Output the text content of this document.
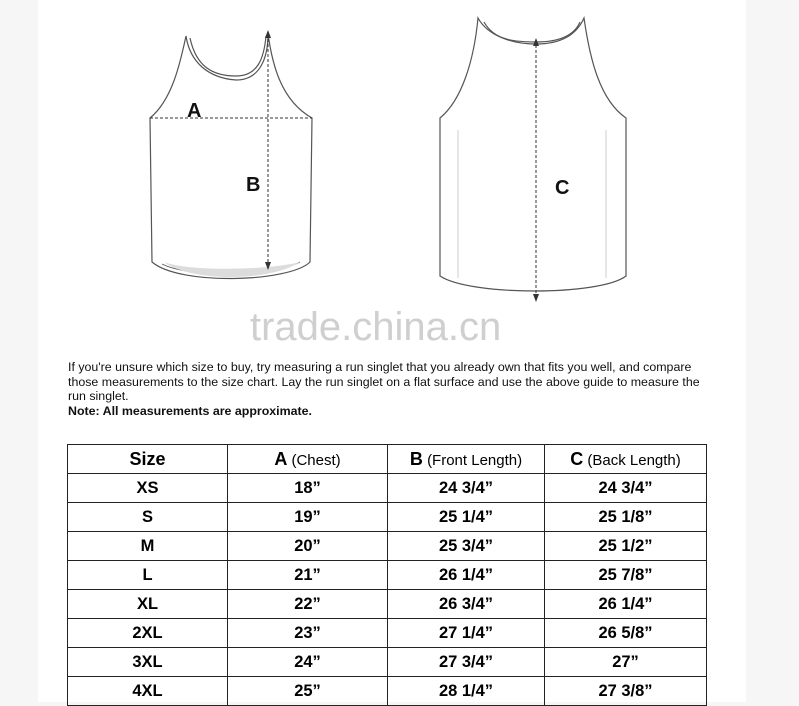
A
B	C
trade.china.cn

If you're unsure which size to buy, try measuring a run singlet that you already own that fits you well, and compare those measurements to the size chart. Lay the run singlet on a flat surface and use the above guide to measure the run singlet.

Note: All measurements are approximate.

Size	A (Chest)	B (Front Length)	C (Back Length)
XS	18”	24 3/4”	24 3/4”
S	19”	25 1/4”	25 1/8”
M	20”	25 3/4”	25 1/2”
L	21”	26 1/4”	25 7/8”
XL	22”	26 3/4”	26 1/4”
2XL	23”	27 1/4”	26 5/8”
3XL	24”	27 3/4”	27”
4XL	25”	28 1/4”	27 3/8”
